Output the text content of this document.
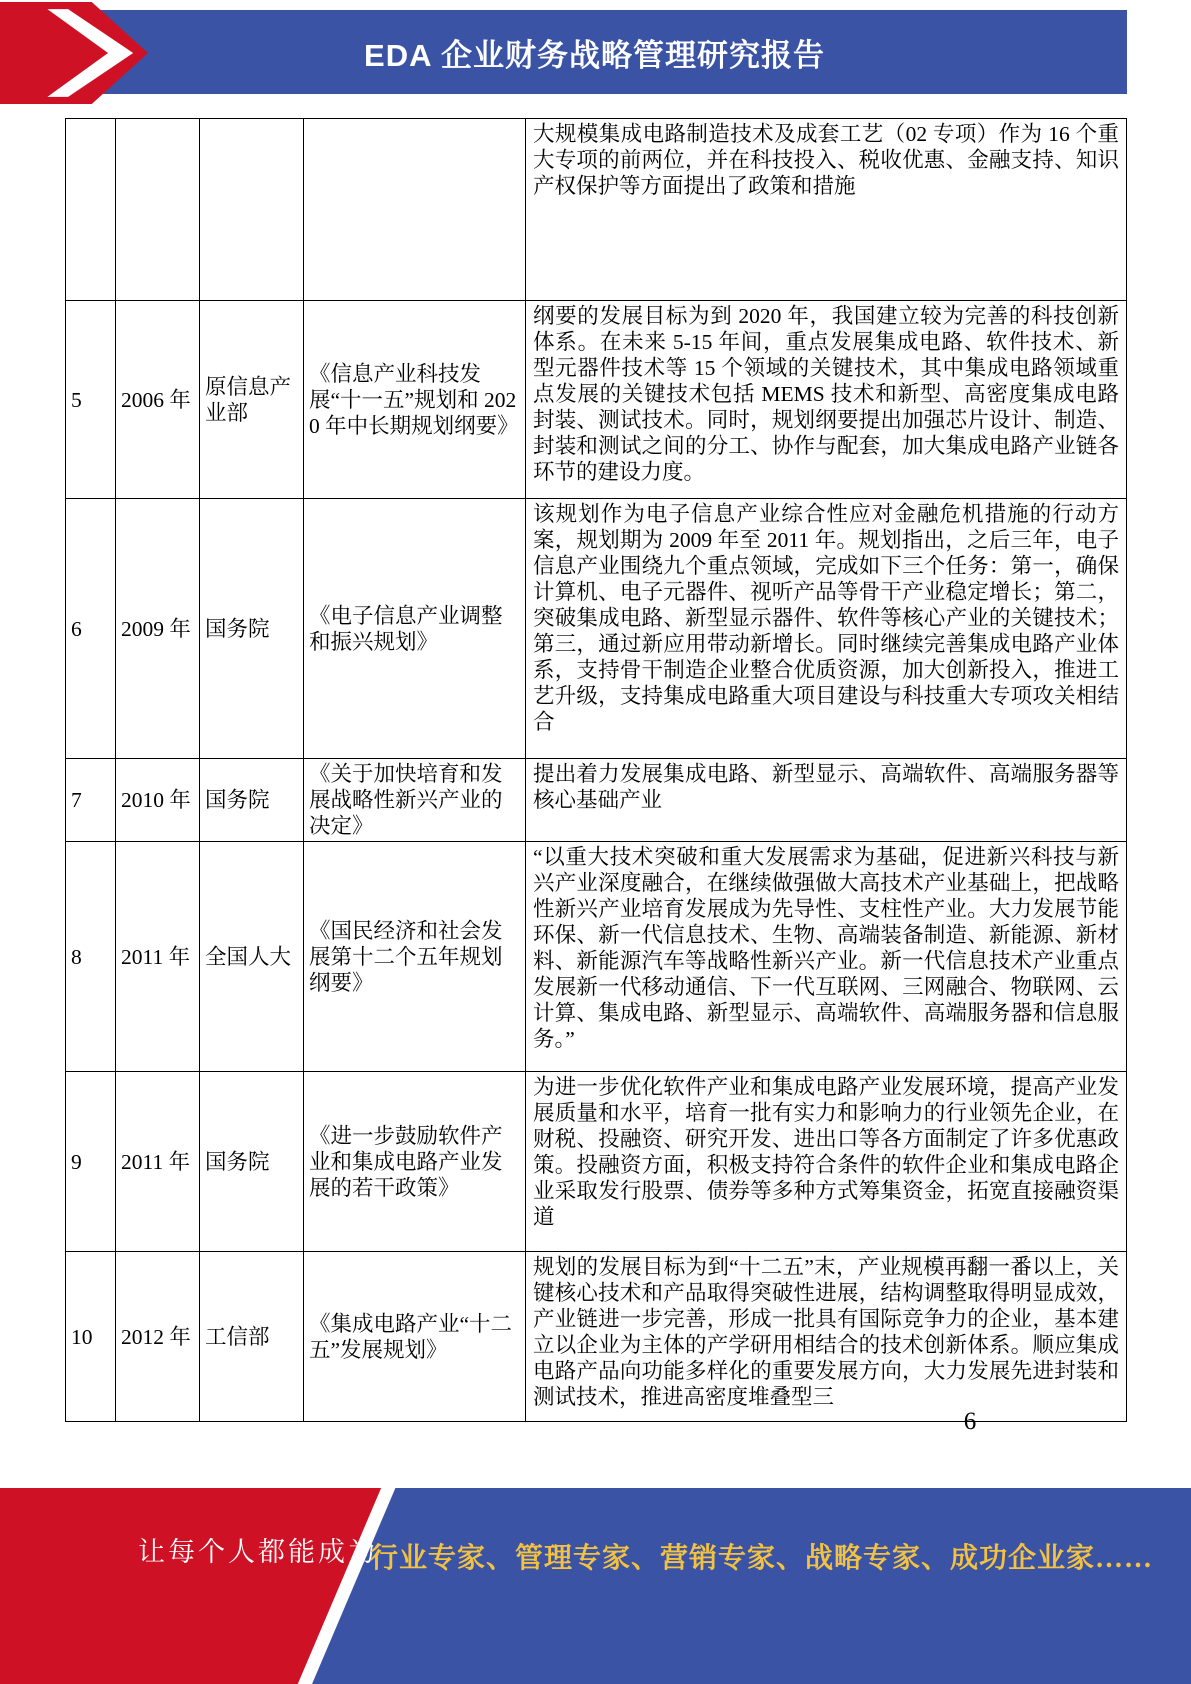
EDA 企业财务战略管理研究报告
				大规模集成电路制造技术及成套工艺（02 专项）作为 16 个重大专项的前两位，并在科技投入、税收优惠、金融支持、知识产权保护等方面提出了政策和措施
5	2006 年	原信息产业部	《信息产业科技发展“十一五”规划和 2020 年中长期规划纲要》	纲要的发展目标为到 2020 年，我国建立较为完善的科技创新体系。在未来 5-15 年间，重点发展集成电路、软件技术、新型元器件技术等 15 个领域的关键技术，其中集成电路领域重点发展的关键技术包括 MEMS 技术和新型、高密度集成电路封装、测试技术。同时，规划纲要提出加强芯片设计、制造、封装和测试之间的分工、协作与配套，加大集成电路产业链各环节的建设力度。
6	2009 年	国务院	《电子信息产业调整和振兴规划》	该规划作为电子信息产业综合性应对金融危机措施的行动方案，规划期为 2009 年至 2011 年。规划指出，之后三年，电子信息产业围绕九个重点领域，完成如下三个任务：第一，确保计算机、电子元器件、视听产品等骨干产业稳定增长；第二，突破集成电路、新型显示器件、软件等核心产业的关键技术；第三，通过新应用带动新增长。同时继续完善集成电路产业体系，支持骨干制造企业整合优质资源，加大创新投入，推进工艺升级，支持集成电路重大项目建设与科技重大专项攻关相结合
7	2010 年	国务院	《关于加快培育和发展战略性新兴产业的决定》	提出着力发展集成电路、新型显示、高端软件、高端服务器等核心基础产业
8	2011 年	全国人大	《国民经济和社会发展第十二个五年规划纲要》	“以重大技术突破和重大发展需求为基础，促进新兴科技与新兴产业深度融合，在继续做强做大高技术产业基础上，把战略性新兴产业培育发展成为先导性、支柱性产业。大力发展节能环保、新一代信息技术、生物、高端装备制造、新能源、新材料、新能源汽车等战略性新兴产业。新一代信息技术产业重点发展新一代移动通信、下一代互联网、三网融合、物联网、云计算、集成电路、新型显示、高端软件、高端服务器和信息服务。”
9	2011 年	国务院	《进一步鼓励软件产业和集成电路产业发展的若干政策》	为进一步优化软件产业和集成电路产业发展环境，提高产业发展质量和水平，培育一批有实力和影响力的行业领先企业，在财税、投融资、研究开发、进出口等各方面制定了许多优惠政策。投融资方面，积极支持符合条件的软件企业和集成电路企业采取发行股票、债券等多种方式筹集资金，拓宽直接融资渠道
10	2012 年	工信部	《集成电路产业“十二五”发展规划》	规划的发展目标为到“十二五”末，产业规模再翻一番以上，关键核心技术和产品取得突破性进展，结构调整取得明显成效，产业链进一步完善，形成一批具有国际竞争力的企业，基本建立以企业为主体的产学研用相结合的技术创新体系。顺应集成电路产品向功能多样化的重要发展方向，大力发展先进封装和测试技术，推进高密度堆叠型三
6
让每个人都能成为
行业专家、管理专家、营销专家、战略专家、成功企业家……
